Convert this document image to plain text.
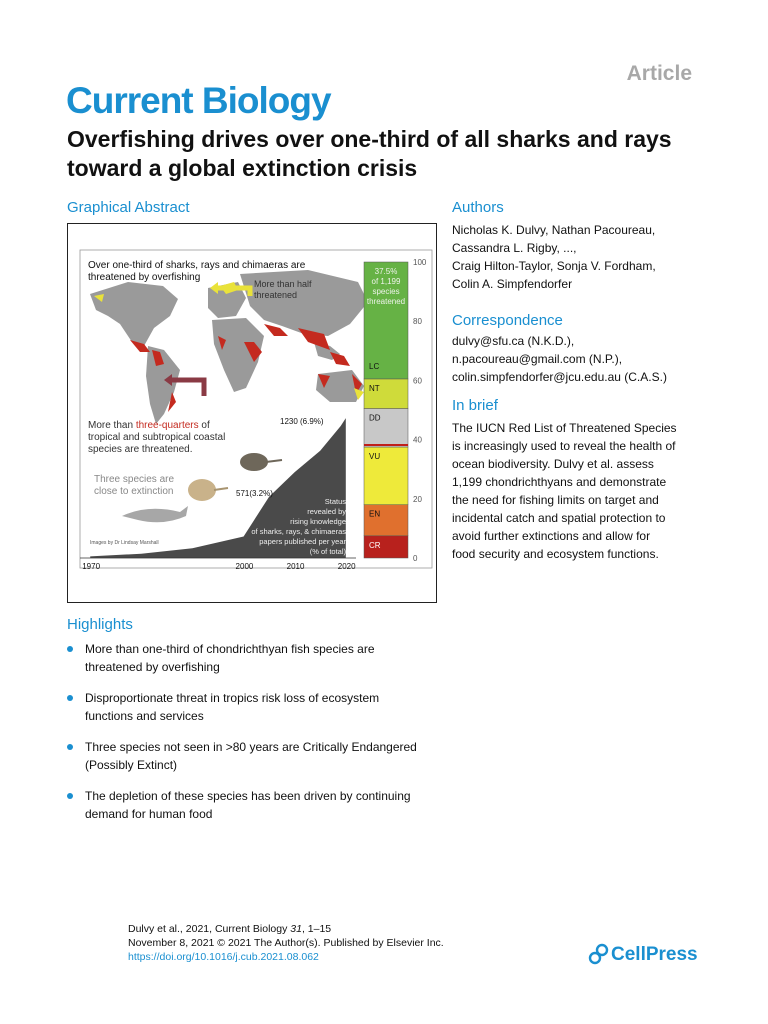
Article
Current Biology
Overfishing drives over one-third of all sharks and rays toward a global extinction crisis
Graphical Abstract
Over one-third of sharks, rays and chimaeras are
threatened by overfishing
More than half
threatened
More than three-quarters of
tropical and subtropical coastal
species are threatened.
1230 (6.9%)
571(3.2%)
Three species are
close to extinction
Images by Dr Lindsay Marshall
Status
revealed by
rising knowledge
of sharks, rays, & chimaeras
papers published per year
(% of total)
1970	2000	2010	2020
CR
EN
VU
DD
NT
LC
37.5%
of 1,199
species
threatened
100
80
60
40
20
0
Authors
Nicholas K. Dulvy, Nathan Pacoureau,
Cassandra L. Rigby, ...,
Craig Hilton-Taylor, Sonja V. Fordham,
Colin A. Simpfendorfer
Correspondence
dulvy@sfu.ca (N.K.D.),
n.pacoureau@gmail.com (N.P.),
colin.simpfendorfer@jcu.edu.au (C.A.S.)
In brief
The IUCN Red List of Threatened Species
is increasingly used to reveal the health of
ocean biodiversity. Dulvy et al. assess
1,199 chondrichthyans and demonstrate
the need for fishing limits on target and
incidental catch and spatial protection to
avoid further extinctions and allow for
food security and ecosystem functions.
Highlights
More than one-third of chondrichthyan fish species are
threatened by overfishing
Disproportionate threat in tropics risk loss of ecosystem
functions and services
Three species not seen in >80 years are Critically Endangered
(Possibly Extinct)
The depletion of these species has been driven by continuing
demand for human food
Dulvy et al., 2021, Current Biology 31, 1–15
November 8, 2021 © 2021 The Author(s). Published by Elsevier Inc.
https://doi.org/10.1016/j.cub.2021.08.062	CellPress
